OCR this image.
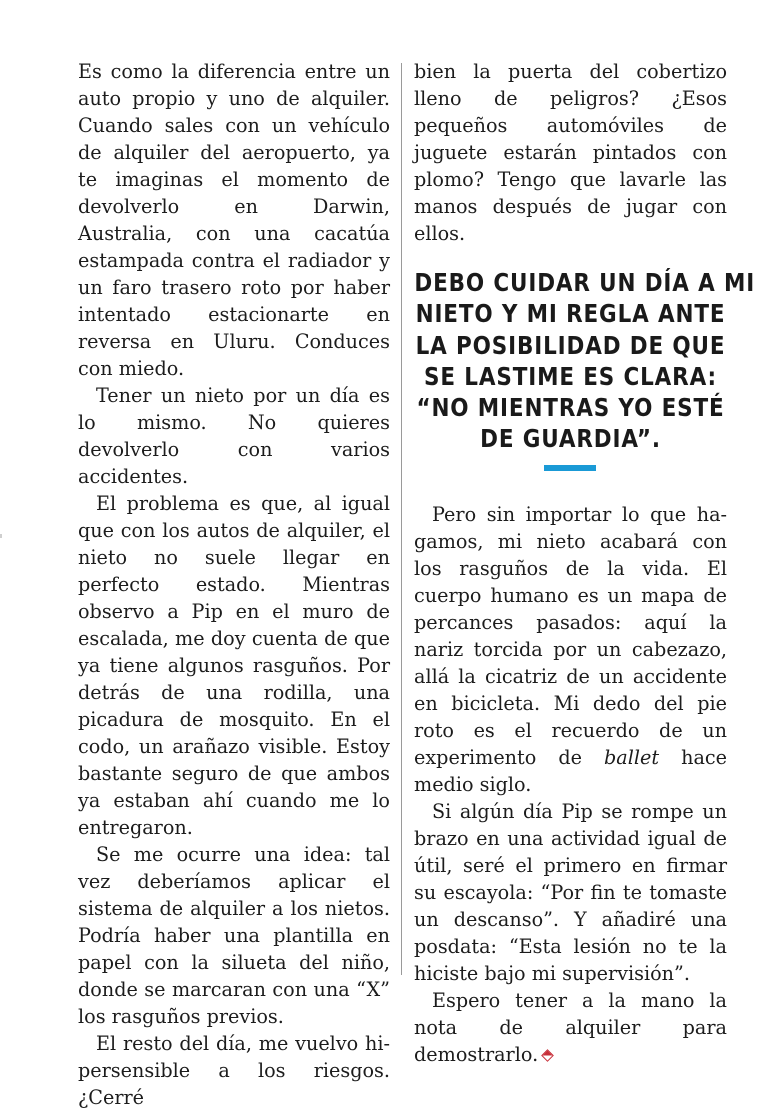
Es como la diferencia entre un auto propio y uno de alquiler. Cuando sales con un vehículo de alquiler del aeropuerto, ya te imaginas el momento de devolverlo en Darwin, Australia, con una cacatúa estampada contra el radiador y un faro trasero roto por haber intentado estacionarte en reversa en Uluru. Conduces con miedo.

Tener un nieto por un día es lo mismo. No quieres devolverlo con varios accidentes.

El problema es que, al igual que con los autos de alquiler, el nieto no suele llegar en perfecto estado. Mientras observo a Pip en el muro de escalada, me doy cuenta de que ya tiene algunos rasguños. Por detrás de una rodilla, una picadura de mosquito. En el codo, un arañazo visible. Estoy bastante seguro de que ambos ya estaban ahí cuando me lo entregaron.

Se me ocurre una idea: tal vez deberíamos aplicar el sistema de alquiler a los nietos. Podría haber una plantilla en papel con la silueta del niño, donde se marcaran con una “X” los rasguños previos.

El resto del día, me vuelvo hipersensible a los riesgos. ¿Cerré

bien la puerta del cobertizo lleno de peligros? ¿Esos pequeños automóviles de juguete estarán pintados con plomo? Tengo que lavarle las manos después de jugar con ellos.

DEBO CUIDAR UN DÍA A MI
NIETO Y MI REGLA ANTE
LA POSIBILIDAD DE QUE
SE LASTIME ES CLARA:
“NO MIENTRAS YO ESTÉ
DE GUARDIA”.

Pero sin importar lo que hagamos, mi nieto acabará con los rasguños de la vida. El cuerpo humano es un mapa de percances pasados: aquí la nariz torcida por un cabezazo, allá la cicatriz de un accidente en bicicleta. Mi dedo del pie roto es el recuerdo de un experimento de ballet hace medio siglo.

Si algún día Pip se rompe un brazo en una actividad igual de útil, seré el primero en firmar su escayola: “Por fin te tomaste un descanso”. Y añadiré una posdata: “Esta lesión no te la hiciste bajo mi supervisión”.

Espero tener a la mano la nota de alquiler para demostrarlo.
